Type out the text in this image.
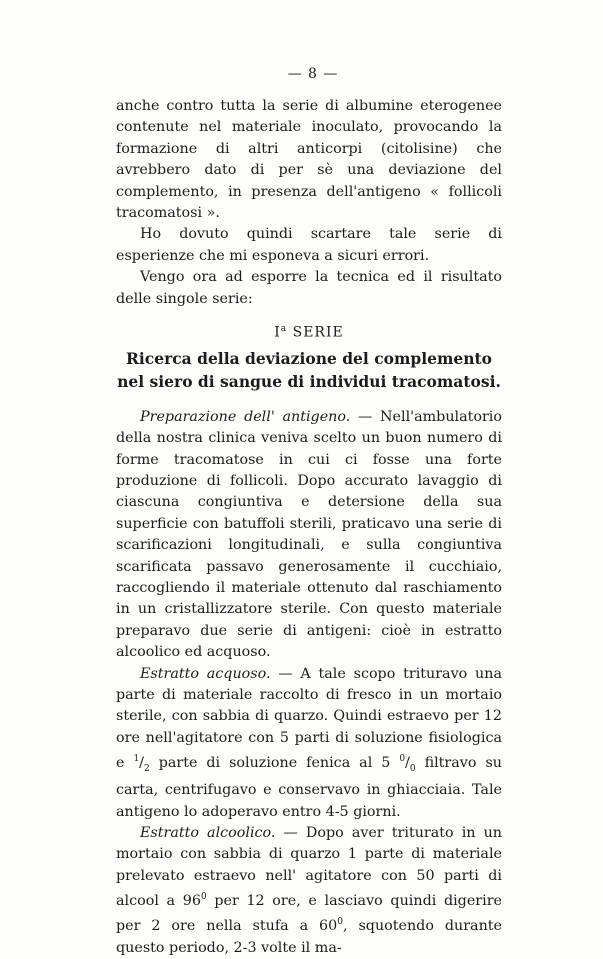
— 8 —

anche contro tutta la serie di albumine eterogenee contenute nel materiale inoculato, provocando la formazione di altri anticorpi (citolisine) che avrebbero dato di per sè una deviazione del complemento, in presenza dell'antigeno « follicoli tracomatosi ».

Ho dovuto quindi scartare tale serie di esperienze che mi esponeva a sicuri errori.

Vengo ora ad esporre la tecnica ed il risultato delle singole serie:

$I^a$ SERIE
Ricerca della deviazione del complemento
nel siero di sangue di individui tracomatosi.

Preparazione dell' antigeno. — Nell'ambulatorio della nostra clinica veniva scelto un buon numero di forme tracomatose in cui ci fosse una forte produzione di follicoli. Dopo accurato lavaggio di ciascuna congiuntiva e detersione della sua superficie con batuffoli sterili, praticavo una serie di scarificazioni longitudinali, e sulla congiuntiva scarificata passavo generosamente il cucchiaio, raccogliendo il materiale ottenuto dal raschiamento in un cristallizzatore sterile. Con questo materiale preparavo due serie di antigeni: cioè in estratto alcoolico ed acquoso.

Estratto acquoso. — A tale scopo trituravo una parte di materiale raccolto di fresco in un mortaio sterile, con sabbia di quarzo. Quindi estraevo per 12 ore nell'agitatore con 5 parti di soluzione fisiologica e $^1/_2$ parte di soluzione fenica al 5 $^0/_0$ filtravo su carta, centrifugavo e conservavo in ghiacciaia. Tale antigeno lo adoperavo entro 4-5 giorni.

Estratto alcoolico. — Dopo aver triturato in un mortaio con sabbia di quarzo 1 parte di materiale prelevato estraevo nell' agitatore con 50 parti di alcool a $96^0$ per 12 ore, e lasciavo quindi digerire per 2 ore nella stufa a $60^0$, squotendo durante questo periodo, 2-3 volte il ma-
